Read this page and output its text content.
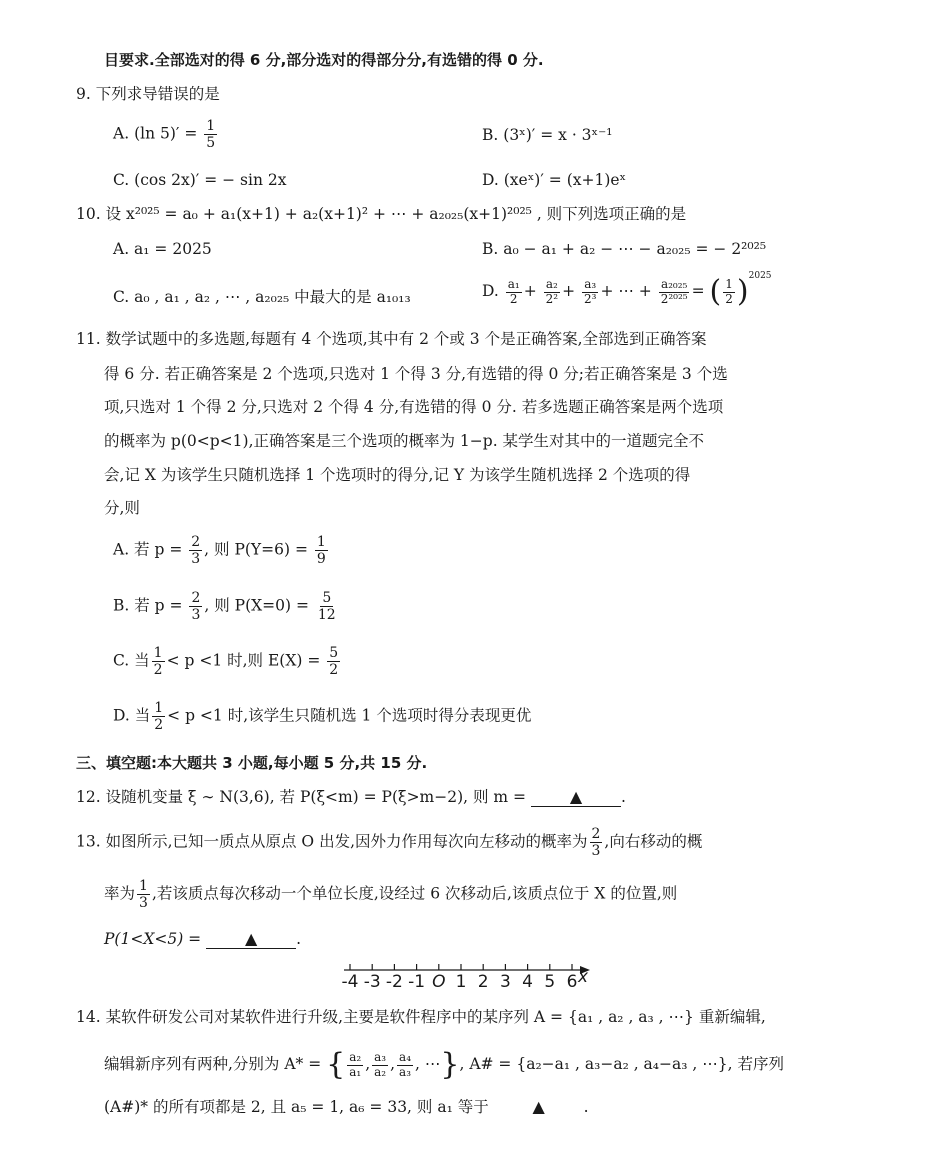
目要求.全部选对的得 6 分,部分选对的得部分分,有选错的得 0 分.
9. 下列求导错误的是
A. (ln $5)' = \frac{1}{5}$	B. (3ˣ)′ = x · 3ˣ⁻¹
C. (cos 2x)′ = − sin 2x	D. (xeˣ)′ = (x+1)eˣ
10. 设 x²⁰²⁵ = a₀ + a₁(x+1) + a₂(x+1)² + ⋯ + a₂₀₂₅(x+1)²⁰²⁵ , 则下列选项正确的是
A. a₁ = 2025	B. a₀ − a₁ + a₂ − ⋯ − a₂₀₂₅ = − 2²⁰²⁵
C. a₀ , a₁ , a₂ , ⋯ , a₂₀₂₅ 中最大的是 a₁₀₁₃	D. $\frac{\text{a₁}}{2} + \frac{\text{a₂}}{\text{2²}} + \frac{\text{a₃}}{\text{2³}}$ + ⋯ + $\frac{\text{a₂₀₂₅}}{\text{2²⁰²⁵}}$ = ( $\frac{1}{2} )^{2025}$
11. 数学试题中的多选题,每题有 4 个选项,其中有 2 个或 3 个是正确答案,全部选到正确答案
得 6 分. 若正确答案是 2 个选项,只选对 1 个得 3 分,有选错的得 0 分;若正确答案是 3 个选
项,只选对 1 个得 2 分,只选对 2 个得 4 分,有选错的得 0 分. 若多选题正确答案是两个选项
的概率为 p(0<p<1),正确答案是三个选项的概率为 1−p. 某学生对其中的一道题完全不
会,记 X 为该学生只随机选择 1 个选项时的得分,记 Y 为该学生随机选择 2 个选项的得
分,则
A. 若 $p = \frac{2}{3}$ , 则 $P(Y=6) = \frac{1}{9}$
B. 若 $p = \frac{2}{3}$ , 则 $P(X=0) = \frac{5}{12}$
C. 当 $\frac{1}{2} < p <1$ 时,则 $E(X) = \frac{5}{2}$
D. 当 $\frac{1}{2} < p <1$ 时,该学生只随机选 1 个选项时得分表现更优
三、填空题:本大题共 3 小题,每小题 5 分,共 15 分.
12. 设随机变量 ξ ∼ N(3,6), 若 P(ξ<m) = P(ξ>m−2), 则 m =	▲	.
13. 如图所示,已知一质点从原点 O 出发,因外力作用每次向左移动的概率为 $\frac{2}{3}$ ,向右移动的概
率为 $\frac{1}{3}$ ,若该质点每次移动一个单位长度,设经过 6 次移动后,该质点位于 X 的位置,则
P(1<X<5) =	▲	.
-4 -3 -2 -1 O 1 2 3 4 5 6 x
14. 某软件研发公司对某软件进行升级,主要是软件程序中的某序列 A = {a₁ , a₂ , a₃ , ⋯} 重新编辑,
编辑新序列有两种,分别为 A* = { $\frac{\text{a₂}}{\text{a₁}}$ , $\frac{\text{a₃}}{\text{a₂}}$ , $\frac{\text{a₄}}{\text{a₃}}$ , ⋯}, A# = {a₂−a₁ , a₃−a₂ , a₄−a₃ , ⋯}, 若序列
(A#)* 的所有项都是 2, 且 a₅ = 1, a₆ = 33, 则 a₁ 等于	▲	.
